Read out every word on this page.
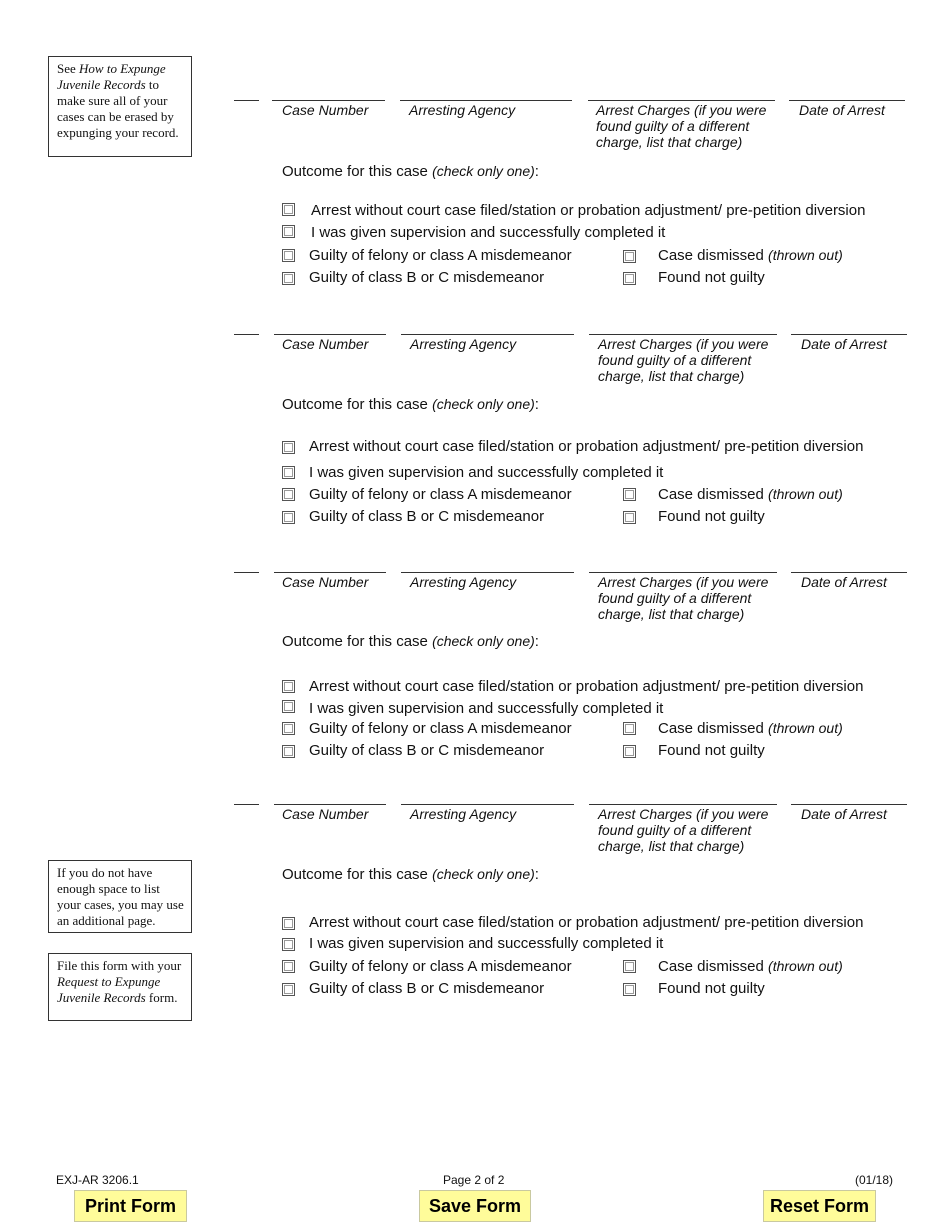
See How to Expunge Juvenile Records to make sure all of your cases can be erased by expunging your record.
If you do not have enough space to list your cases, you may use an additional page.
File this form with your Request to Expunge Juvenile Records form.
Case Number	Arresting Agency	Arrest Charges (if you were found guilty of a different charge, list that charge)
Date of Arrest
Outcome for this case (check only one):
Arrest without court case filed/station or probation adjustment/ pre-petition diversion
I was given supervision and successfully completed it
Guilty of felony or class A misdemeanor
Guilty of class B or C misdemeanor
Case dismissed (thrown out)
Found not guilty
Case Number	Arresting Agency	Arrest Charges (if you were found guilty of a different charge, list that charge)
Date of Arrest
Outcome for this case (check only one):
Arrest without court case filed/station or probation adjustment/ pre-petition diversion
I was given supervision and successfully completed it
Guilty of felony or class A misdemeanor
Guilty of class B or C misdemeanor
Case dismissed (thrown out)
Found not guilty
Case Number	Arresting Agency	Arrest Charges (if you were found guilty of a different charge, list that charge)
Date of Arrest
Outcome for this case (check only one):
Arrest without court case filed/station or probation adjustment/ pre-petition diversion
I was given supervision and successfully completed it
Guilty of felony or class A misdemeanor
Guilty of class B or C misdemeanor
Case dismissed (thrown out)
Found not guilty
Case Number	Arresting Agency	Arrest Charges (if you were found guilty of a different charge, list that charge)
Date of Arrest
Outcome for this case (check only one):
Arrest without court case filed/station or probation adjustment/ pre-petition diversion
I was given supervision and successfully completed it
Guilty of felony or class A misdemeanor
Guilty of class B or C misdemeanor
Case dismissed (thrown out)
Found not guilty
EXJ-AR 3206.1	Page 2 of 2	(01/18)
Print Form	Save Form	Reset Form
